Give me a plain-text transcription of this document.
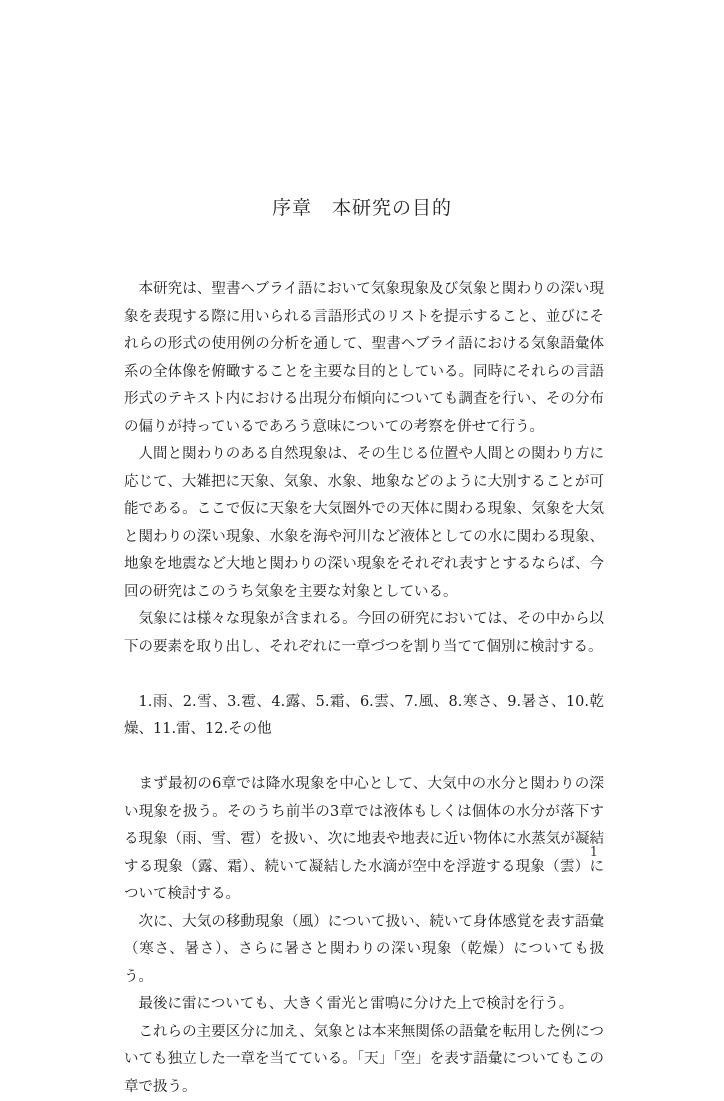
序章　本研究の目的

本研究は、聖書ヘブライ語において気象現象及び気象と関わりの深い現象を表現する際に用いられる言語形式のリストを提示すること、並びにそれらの形式の使用例の分析を通して、聖書ヘブライ語における気象語彙体系の全体像を俯瞰することを主要な目的としている。同時にそれらの言語形式のテキスト内における出現分布傾向についても調査を行い、その分布の偏りが持っているであろう意味についての考察を併せて行う。

人間と関わりのある自然現象は、その生じる位置や人間との関わり方に応じて、大雑把に天象、気象、水象、地象などのように大別することが可能である。ここで仮に天象を大気圏外での天体に関わる現象、気象を大気と関わりの深い現象、水象を海や河川など液体としての水に関わる現象、地象を地震など大地と関わりの深い現象をそれぞれ表すとするならば、今回の研究はこのうち気象を主要な対象としている。

気象には様々な現象が含まれる。今回の研究においては、その中から以下の要素を取り出し、それぞれに一章づつを割り当てて個別に検討する。

1.雨、2.雪、3.雹、4.露、5.霜、6.雲、7.風、8.寒さ、9.暑さ、10.乾燥、11.雷、12.その他

まず最初の6章では降水現象を中心として、大気中の水分と関わりの深い現象を扱う。そのうち前半の3章では液体もしくは個体の水分が落下する現象（雨、雪、雹）を扱い、次に地表や地表に近い物体に水蒸気が凝結する現象（露、霜）、続いて凝結した水滴が空中を浮遊する現象（雲）について検討する。

次に、大気の移動現象（風）について扱い、続いて身体感覚を表す語彙（寒さ、暑さ）、さらに暑さと関わりの深い現象（乾燥）についても扱う。

最後に雷についても、大きく雷光と雷鳴に分けた上で検討を行う。

これらの主要区分に加え、気象とは本来無関係の語彙を転用した例についても独立した一章を当てている。「天」「空」を表す語彙についてもこの章で扱う。

1
